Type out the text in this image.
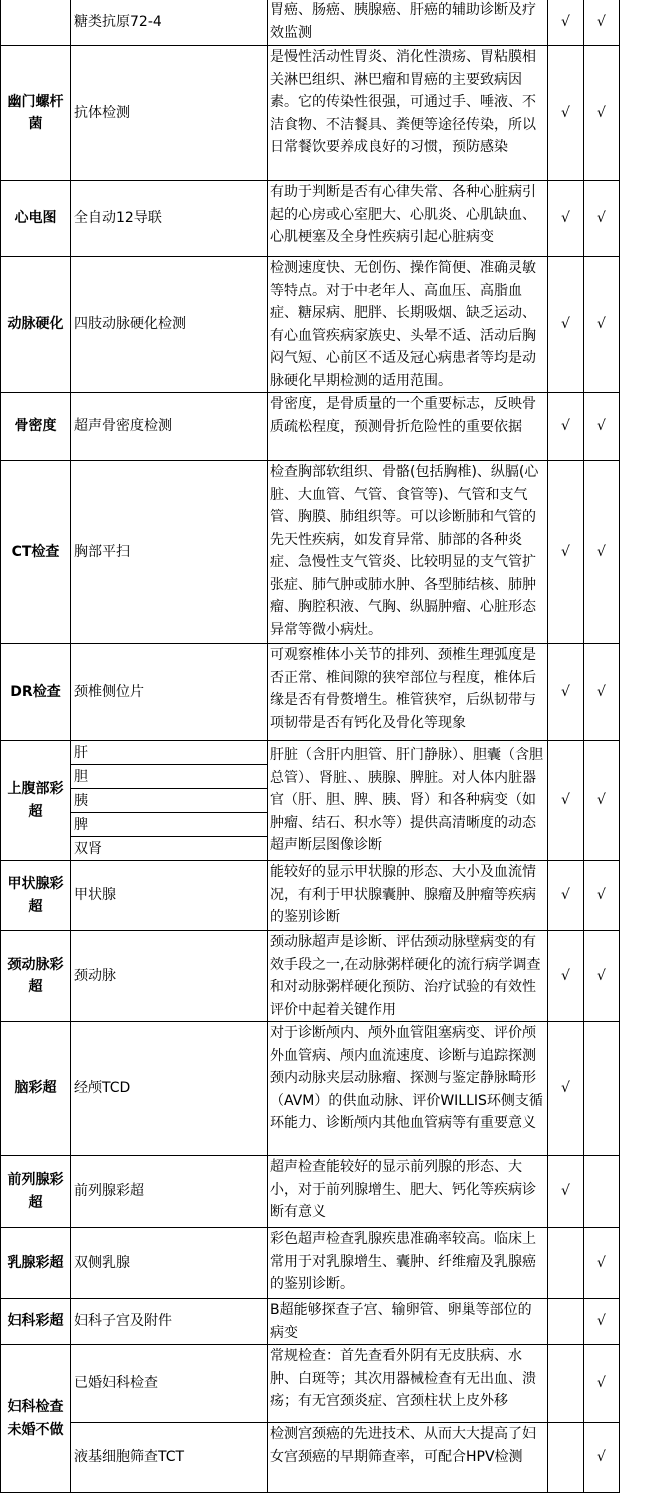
	糖类抗原72-4	胃癌、肠癌、胰腺癌、肝癌的辅助诊断及疗效监测	√	√
幽门螺杆菌	抗体检测	是慢性活动性胃炎、消化性溃疡、胃粘膜相关淋巴组织、淋巴瘤和胃癌的主要致病因素。它的传染性很强，可通过手、唾液、不洁食物、不洁餐具、粪便等途径传染，所以日常餐饮要养成良好的习惯，预防感染	√	√
心电图	全自动12导联	有助于判断是否有心律失常、各种心脏病引起的心房或心室肥大、心肌炎、心肌缺血、心肌梗塞及全身性疾病引起心脏病变	√	√
动脉硬化	四肢动脉硬化检测	检测速度快、无创伤、操作简便、准确灵敏等特点。对于中老年人、高血压、高脂血症、糖尿病、肥胖、长期吸烟、缺乏运动、有心血管疾病家族史、头晕不适、活动后胸闷气短、心前区不适及冠心病患者等均是动脉硬化早期检测的适用范围。	√	√
骨密度	超声骨密度检测	骨密度，是骨质量的一个重要标志，反映骨质疏松程度，预测骨折危险性的重要依据	√	√
CT检查	胸部平扫	检查胸部软组织、骨骼(包括胸椎)、纵膈(心脏、大血管、气管、食管等)、气管和支气管、胸膜、肺组织等。可以诊断肺和气管的先天性疾病，如发育异常、肺部的各种炎症、急慢性支气管炎、比较明显的支气管扩张症、肺气肿或肺水肿、各型肺结核、肺肿瘤、胸腔积液、气胸、纵膈肿瘤、心脏形态异常等微小病灶。	√	√
DR检查	颈椎侧位片	可观察椎体小关节的排列、颈椎生理弧度是否正常、椎间隙的狭窄部位与程度，椎体后缘是否有骨赘增生。椎管狭窄，后纵韧带与项韧带是否有钙化及骨化等现象	√	√
上腹部彩超	肝	肝脏（含肝内胆管、肝门静脉）、胆囊（含胆总管）、肾脏、、胰腺、脾脏。对人体内脏器官（肝、胆、脾、胰、肾）和各种病变（如肿瘤、结石、积水等）提供高清晰度的动态超声断层图像诊断	√	√
	胆			
	胰			
	脾			
	双肾			
甲状腺彩超	甲状腺	能较好的显示甲状腺的形态、大小及血流情况，有利于甲状腺囊肿、腺瘤及肿瘤等疾病的鉴别诊断	√	√
颈动脉彩超	颈动脉	颈动脉超声是诊断、评估颈动脉壁病变的有效手段之一,在动脉粥样硬化的流行病学调查和对动脉粥样硬化预防、治疗试验的有效性评价中起着关键作用	√	√
脑彩超	经颅TCD	对于诊断颅内、颅外血管阻塞病变、评价颅外血管病、颅内血流速度、诊断与追踪探测颈内动脉夹层动脉瘤、探测与鉴定静脉畸形（AVM）的供血动脉、评价WILLIS环侧支循环能力、诊断颅内其他血管病等有重要意义	√	
前列腺彩超	前列腺彩超	超声检查能较好的显示前列腺的形态、大小，对于前列腺增生、肥大、钙化等疾病诊断有意义	√	
乳腺彩超	双侧乳腺	彩色超声检查乳腺疾患准确率较高。临床上常用于对乳腺增生、囊肿、纤维瘤及乳腺癌的鉴别诊断。		√
妇科彩超	妇科子宫及附件	B超能够探查子宫、输卵管、卵巢等部位的病变		√
妇科检查未婚不做	已婚妇科检查	常规检查：首先查看外阴有无皮肤病、水肿、白斑等；其次用器械检查有无出血、溃疡；有无宫颈炎症、宫颈柱状上皮外移		√
	液基细胞筛查TCT	检测宫颈癌的先进技术、从而大大提高了妇女宫颈癌的早期筛查率，可配合HPV检测		√
